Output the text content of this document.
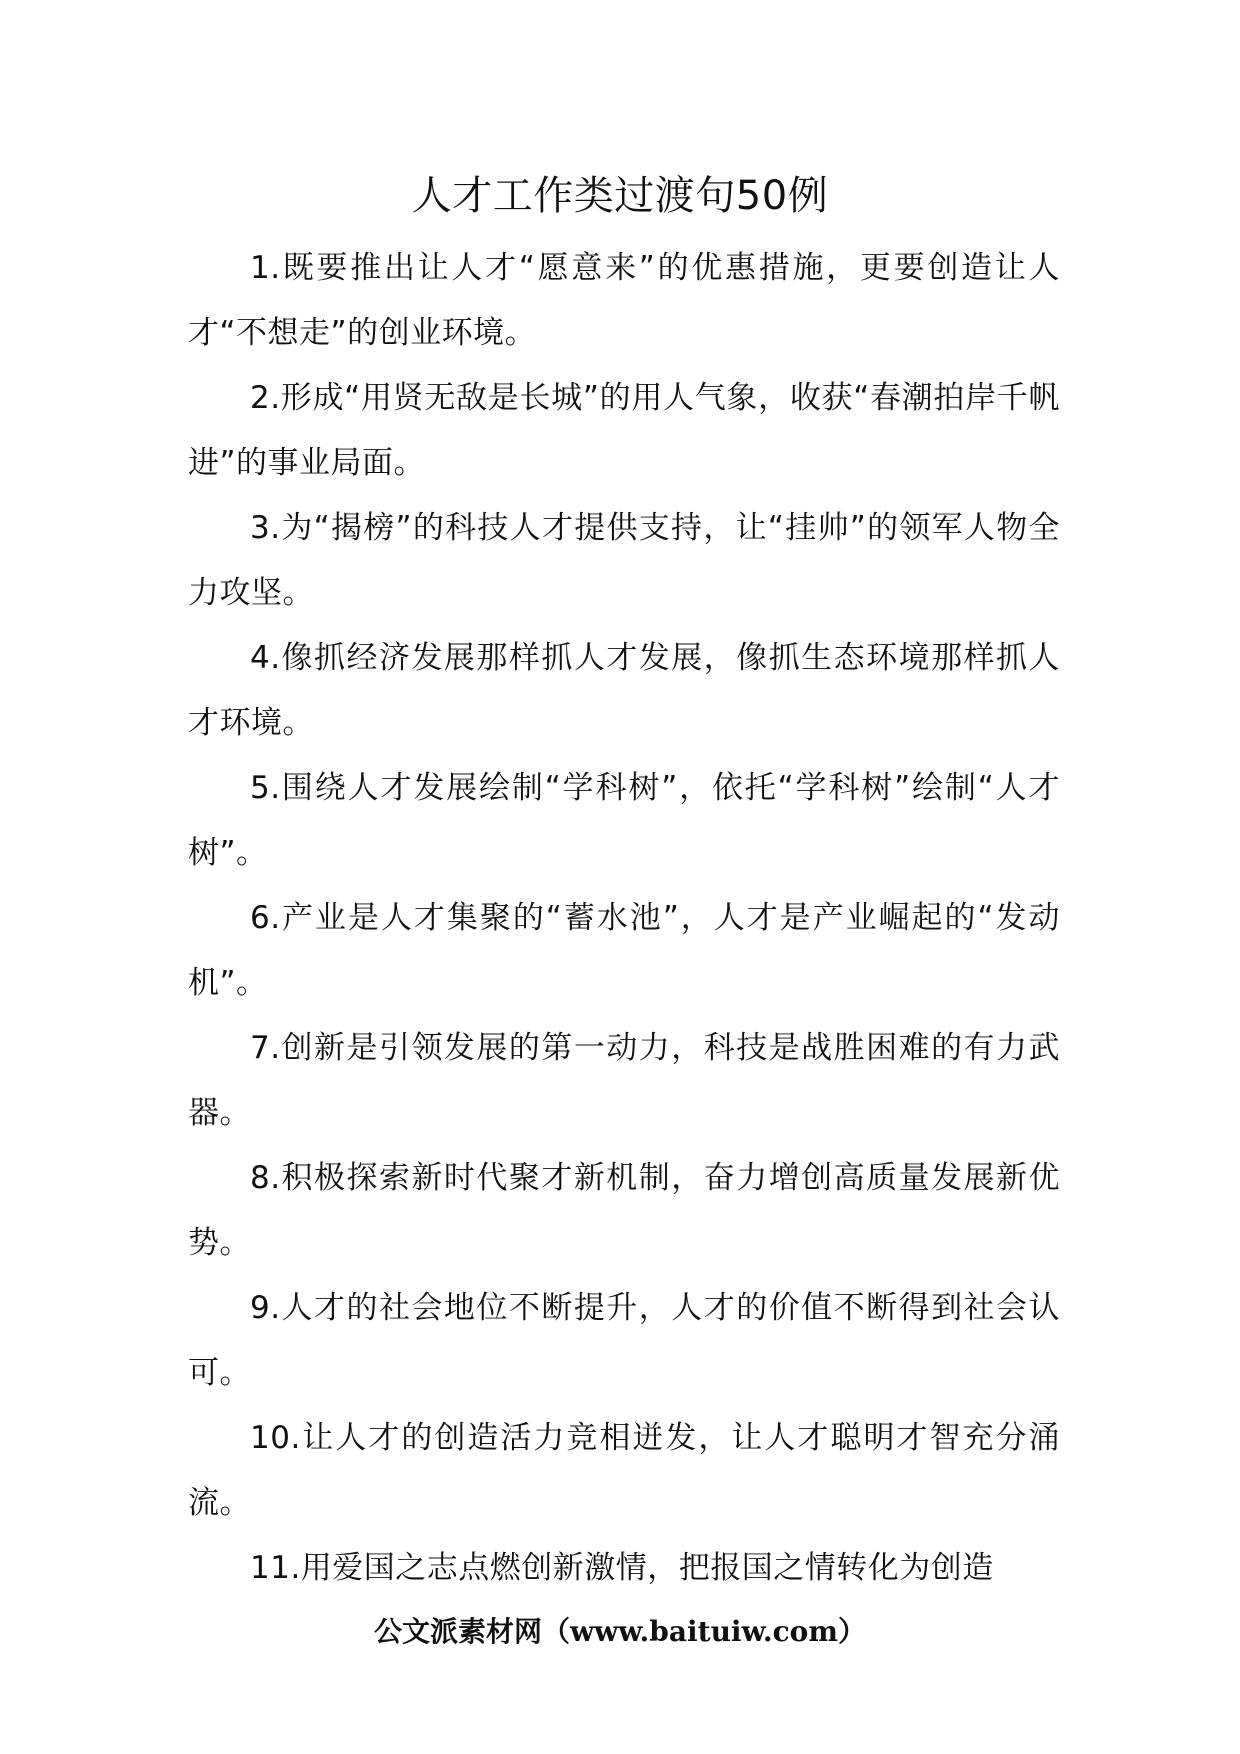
人才工作类过渡句50例

1.既要推出让人才“愿意来”的优惠措施，更要创造让人才“不想走”的创业环境。

2.形成“用贤无敌是长城”的用人气象，收获“春潮拍岸千帆进”的事业局面。

3.为“揭榜”的科技人才提供支持，让“挂帅”的领军人物全力攻坚。

4.像抓经济发展那样抓人才发展，像抓生态环境那样抓人才环境。

5.围绕人才发展绘制“学科树”，依托“学科树”绘制“人才树”。

6.产业是人才集聚的“蓄水池”，人才是产业崛起的“发动机”。

7.创新是引领发展的第一动力，科技是战胜困难的有力武器。

8.积极探索新时代聚才新机制，奋力增创高质量发展新优势。

9.人才的社会地位不断提升，人才的价值不断得到社会认可。

10.让人才的创造活力竞相迸发，让人才聪明才智充分涌流。

11.用爱国之志点燃创新激情，把报国之情转化为创造

公文派素材网（www.baituiw.com）
